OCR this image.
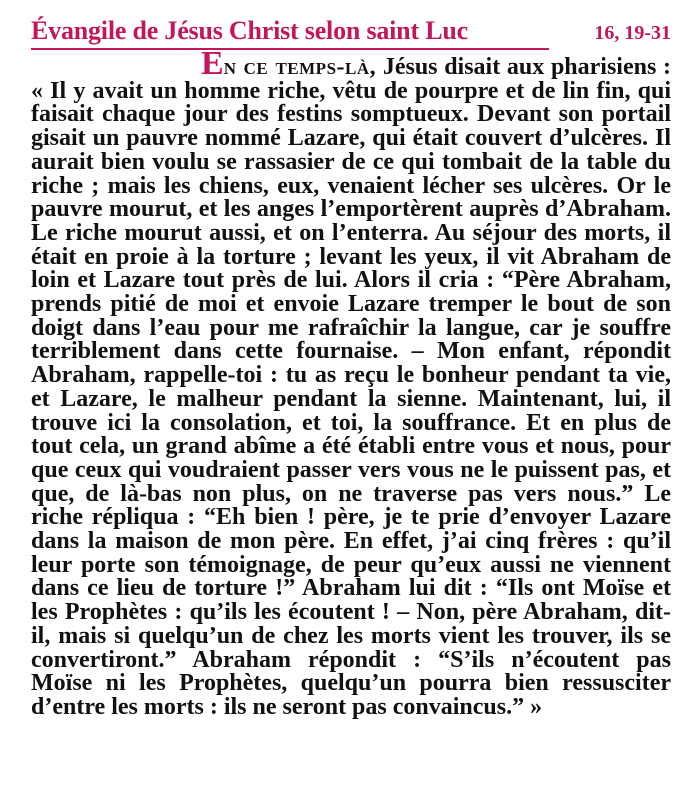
Évangile de Jésus Christ selon saint Luc	16, 19-31
En ce temps-là, Jésus disait aux pharisiens : « Il y avait un homme riche, vêtu de pourpre et de lin fin, qui faisait chaque jour des festins somptueux. Devant son portail gisait un pauvre nommé Lazare, qui était couvert d’ulcères. Il aurait bien voulu se rassasier de ce qui tombait de la table du riche ; mais les chiens, eux, venaient lécher ses ulcères. Or le pauvre mourut, et les anges l’emportèrent auprès d’Abraham. Le riche mourut aussi, et on l’enterra. Au séjour des morts, il était en proie à la torture ; levant les yeux, il vit Abraham de loin et Lazare tout près de lui. Alors il cria : “Père Abraham, prends pitié de moi et envoie Lazare tremper le bout de son doigt dans l’eau pour me rafraîchir la langue, car je souffre terriblement dans cette fournaise. – Mon enfant, répondit Abraham, rappelle-toi : tu as reçu le bonheur pendant ta vie, et Lazare, le malheur pendant la sienne. Maintenant, lui, il trouve ici la consolation, et toi, la souffrance. Et en plus de tout cela, un grand abîme a été établi entre vous et nous, pour que ceux qui voudraient passer vers vous ne le puissent pas, et que, de là-bas non plus, on ne traverse pas vers nous.” Le riche répliqua : “Eh bien ! père, je te prie d’envoyer Lazare dans la maison de mon père. En effet, j’ai cinq frères : qu’il leur porte son témoignage, de peur qu’eux aussi ne viennent dans ce lieu de torture !” Abraham lui dit : “Ils ont Moïse et les Prophètes : qu’ils les écoutent ! – Non, père Abraham, dit-il, mais si quelqu’un de chez les morts vient les trouver, ils se convertiront.” Abraham répondit : “S’ils n’écoutent pas Moïse ni les Prophètes, quelqu’un pourra bien ressusciter d’entre les morts : ils ne seront pas convaincus.” »
